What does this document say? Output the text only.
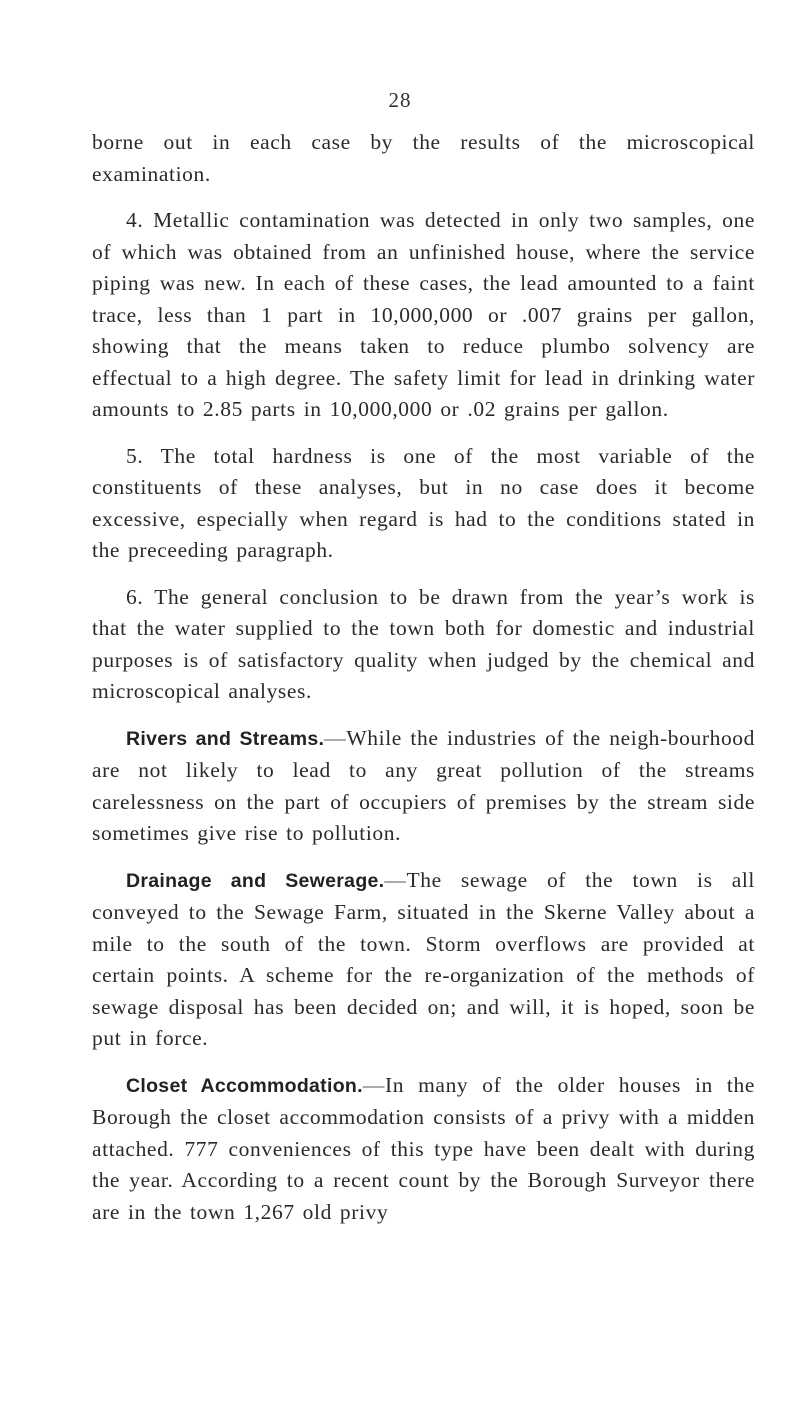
28

borne out in each case by the results of the microscopical examination.

4. Metallic contamination was detected in only two samples, one of which was obtained from an unfinished house, where the service piping was new. In each of these cases, the lead amounted to a faint trace, less than 1 part in 10,000,000 or .007 grains per gallon, showing that the means taken to reduce plumbo solvency are effectual to a high degree. The safety limit for lead in drinking water amounts to 2.85 parts in 10,000,000 or .02 grains per gallon.

5. The total hardness is one of the most variable of the constituents of these analyses, but in no case does it become excessive, especially when regard is had to the conditions stated in the preceeding paragraph.

6. The general conclusion to be drawn from the year’s work is that the water supplied to the town both for domestic and industrial purposes is of satisfactory quality when judged by the chemical and microscopical analyses.

Rivers and Streams.—While the industries of the neigh-bourhood are not likely to lead to any great pollution of the streams carelessness on the part of occupiers of premises by the stream side sometimes give rise to pollution.

Drainage and Sewerage.—The sewage of the town is all conveyed to the Sewage Farm, situated in the Skerne Valley about a mile to the south of the town. Storm overflows are provided at certain points. A scheme for the re-organization of the methods of sewage disposal has been decided on; and will, it is hoped, soon be put in force.

Closet Accommodation.—In many of the older houses in the Borough the closet accommodation consists of a privy with a midden attached. 777 conveniences of this type have been dealt with during the year. According to a recent count by the Borough Surveyor there are in the town 1,267 old privy
